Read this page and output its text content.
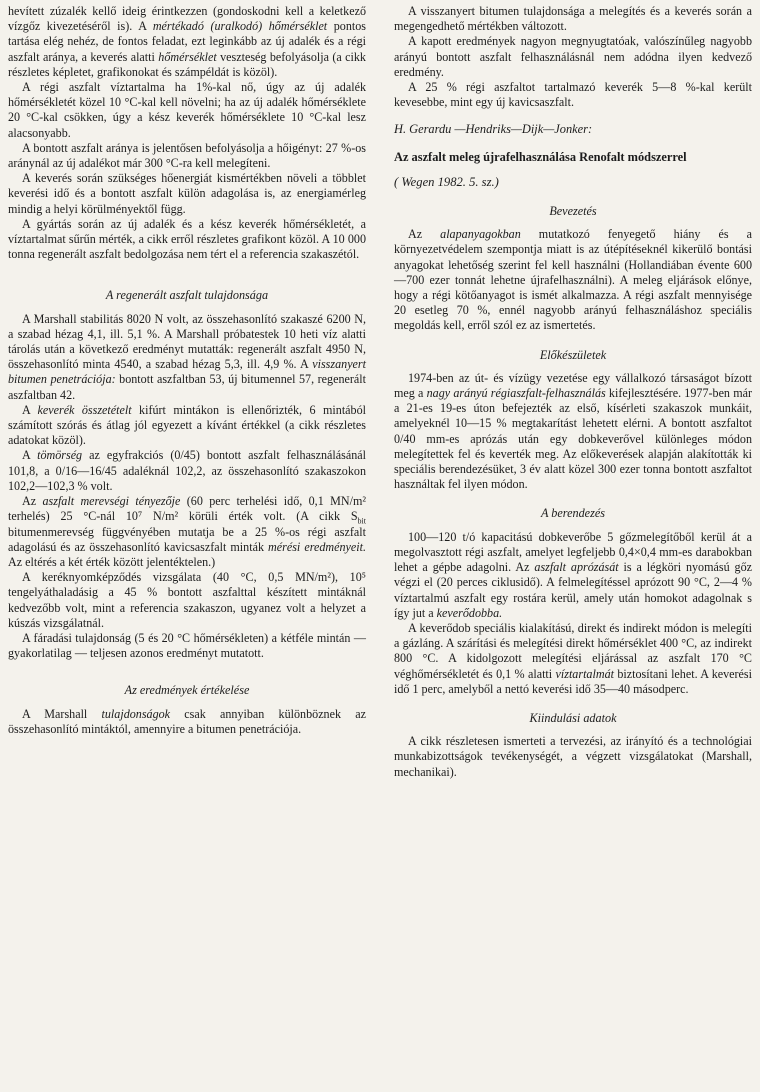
hevített zúzalék kellő ideig érintkezzen (gondoskodni kell a keletkező vízgőz kivezetéséről is). A mértékadó (uralkodó) hőmérséklet pontos tartása elég nehéz, de fontos feladat, ezt leginkább az új adalék és a régi aszfalt aránya, a keverés alatti hőmérséklet veszteség befolyásolja (a cikk részletes képletet, grafikonokat és számpéldát is közöl).

A régi aszfalt víztartalma ha 1%-kal nő, úgy az új adalék hőmérsékletét közel 10 °C-kal kell növelni; ha az új adalék hőmérséklete 20 °C-kal csökken, úgy a kész keverék hőmérséklete 10 °C-kal lesz alacsonyabb.

A bontott aszfalt aránya is jelentősen befolyásolja a hőigényt: 27 %-os aránynál az új adalékot már 300 °C-ra kell melegíteni.

A keverés során szükséges hőenergiát kismértékben növeli a többlet keverési idő és a bontott aszfalt külön adagolása is, az energiamérleg mindig a helyi körülményektől függ.

A gyártás során az új adalék és a kész keverék hőmérsékletét, a víztartalmat sűrűn mérték, a cikk erről részletes grafikont közöl. A 10 000 tonna regenerált aszfalt bedolgozása nem tért el a referencia szakaszétól.

A regenerált aszfalt tulajdonsága

A Marshall stabilitás 8020 N volt, az összehasonlító szakaszé 6200 N, a szabad hézag 4,1, ill. 5,1 %. A Marshall próbatestek 10 heti víz alatti tárolás után a következő eredményt mutatták: regenerált aszfalt 4950 N, összehasonlító minta 4540, a szabad hézag 5,3, ill. 4,9 %. A visszanyert bitumen penetrációja: bontott aszfaltban 53, új bitumennel 57, regenerált aszfaltban 42.

A keverék összetételt kifúrt mintákon is ellenőrizték, 6 mintából számított szórás és átlag jól egyezett a kívánt értékkel (a cikk részletes adatokat közöl).

A tömörség az egyfrakciós (0/45) bontott aszfalt felhasználásánál 101,8, a 0/16—16/45 adaléknál 102,2, az összehasonlító szakaszokon 102,2—102,3 % volt.

Az aszfalt merevségi tényezője (60 perc terhelési idő, 0,1 MN/m² terhelés) 25 °C-nál 10⁷ N/m² körüli érték volt. (A cikk $S_{bit}$ bitumenmerevség függvényében mutatja be a 25 %-os régi aszfalt adagolású és az összehasonlító kavicsaszfalt minták mérési eredményeit. Az eltérés a két érték között jelentéktelen.)

A keréknyomképződés vizsgálata (40 °C, 0,5 MN/m²), 10⁵ tengelyáthaladásig a 45 % bontott aszfalttal készített mintáknál kedvezőbb volt, mint a referencia szakaszon, ugyanez volt a helyzet a kúszás vizsgálatnál.

A fáradási tulajdonság (5 és 20 °C hőmérsékleten) a kétféle mintán — gyakorlatilag — teljesen azonos eredményt mutatott.

Az eredmények értékelése

A Marshall tulajdonságok csak annyiban különböznek az összehasonlító mintáktól, amennyire a bitumen penetrációja.

A visszanyert bitumen tulajdonsága a melegítés és a keverés során a megengedhető mértékben változott.

A kapott eredmények nagyon megnyugtatóak, valószínűleg nagyobb arányú bontott aszfalt felhasználásnál nem adódna ilyen kedvező eredmény.

A 25 % régi aszfaltot tartalmazó keverék 5—8 %-kal került kevesebbe, mint egy új kavicsaszfalt.

H. Gerardu —Hendriks—Dijk—Jonker:
Az aszfalt meleg újrafelhasználása Renofalt módszerrel
( Wegen 1982. 5. sz.)
Bevezetés

Az alapanyagokban mutatkozó fenyegető hiány és a környezetvédelem szempontja miatt is az útépítéseknél kikerülő bontási anyagokat lehetőség szerint fel kell használni (Hollandiában évente 600—700 ezer tonnát lehetne újrafelhasználni). A meleg eljárások előnye, hogy a régi kötőanyagot is ismét alkalmazza. A régi aszfalt mennyisége 20 esetleg 70 %, ennél nagyobb arányú felhasználáshoz speciális megoldás kell, erről szól ez az ismertetés.

Előkészületek

1974-ben az út- és vízügy vezetése egy vállalkozó társaságot bízott meg a nagy arányú régiaszfalt-felhasználás kifejlesztésére. 1977-ben már a 21-es 19-es úton befejezték az első, kísérleti szakaszok munkáit, amelyeknél 10—15 % megtakarítást lehetett elérni. A bontott aszfaltot 0/40 mm-es aprózás után egy dobkeverővel különleges módon melegítettek fel és keverték meg. Az előkeverések alapján alakították ki speciális berendezésüket, 3 év alatt közel 300 ezer tonna bontott aszfaltot használtak fel ilyen módon.

A berendezés

100—120 t/ó kapacitású dobkeverőbe 5 gőzmelegítőből kerül át a megolvasztott régi aszfalt, amelyet legfeljebb 0,4×0,4 mm-es darabokban lehet a gépbe adagolni. Az aszfalt aprózását is a légköri nyomású gőz végzi el (20 perces ciklusidő). A felmelegítéssel aprózott 90 °C, 2—4 % víztartalmú aszfalt egy rostára kerül, amely után homokot adagolnak s így jut a keverődobba.

A keverődob speciális kialakítású, direkt és indirekt módon is melegíti a gázláng. A szárítási és melegítési direkt hőmérséklet 400 °C, az indirekt 800 °C. A kidolgozott melegítési eljárással az aszfalt 170 °C véghőmérsékletét és 0,1 % alatti víztartalmát biztosítani lehet. A keverési idő 1 perc, amelyből a nettó keverési idő 35—40 másodperc.

Kiindulási adatok

A cikk részletesen ismerteti a tervezési, az irányító és a technológiai munkabizottságok tevékenységét, a végzett vizsgálatokat (Marshall, mechanikai).
